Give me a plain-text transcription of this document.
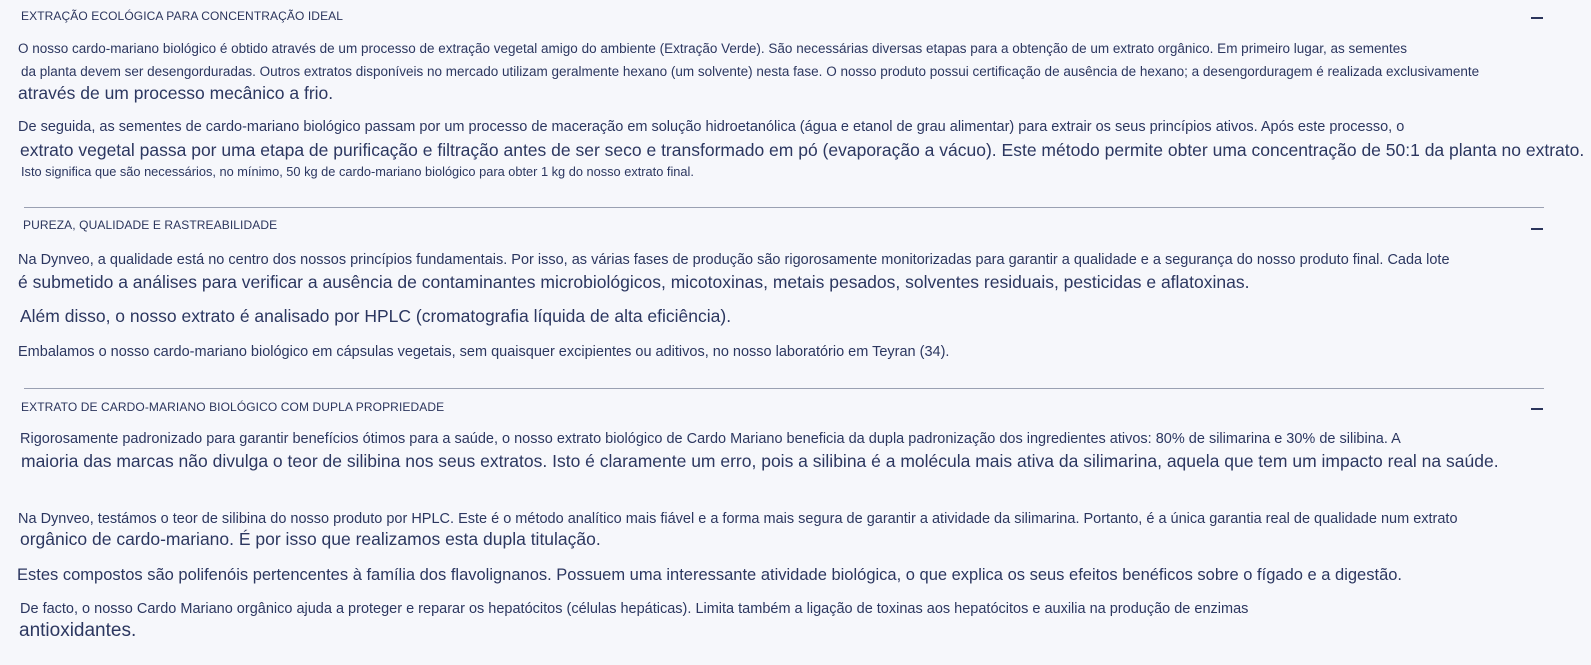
EXTRAÇÃO ECOLÓGICA PARA CONCENTRAÇÃO IDEAL
O nosso cardo-mariano biológico é obtido através de um processo de extração vegetal amigo do ambiente (Extração Verde). São necessárias diversas etapas para a obtenção de um extrato orgânico. Em primeiro lugar, as sementes
da planta devem ser desengorduradas. Outros extratos disponíveis no mercado utilizam geralmente hexano (um solvente) nesta fase. O nosso produto possui certificação de ausência de hexano; a desengorduragem é realizada exclusivamente
através de um processo mecânico a frio.
De seguida, as sementes de cardo-mariano biológico passam por um processo de maceração em solução hidroetanólica (água e etanol de grau alimentar) para extrair os seus princípios ativos. Após este processo, o
extrato vegetal passa por uma etapa de purificação e filtração antes de ser seco e transformado em pó (evaporação a vácuo). Este método permite obter uma concentração de 50:1 da planta no extrato.
Isto significa que são necessários, no mínimo, 50 kg de cardo-mariano biológico para obter 1 kg do nosso extrato final.
PUREZA, QUALIDADE E RASTREABILIDADE
Na Dynveo, a qualidade está no centro dos nossos princípios fundamentais. Por isso, as várias fases de produção são rigorosamente monitorizadas para garantir a qualidade e a segurança do nosso produto final. Cada lote
é submetido a análises para verificar a ausência de contaminantes microbiológicos, micotoxinas, metais pesados, solventes residuais, pesticidas e aflatoxinas.
Além disso, o nosso extrato é analisado por HPLC (cromatografia líquida de alta eficiência).
Embalamos o nosso cardo-mariano biológico em cápsulas vegetais, sem quaisquer excipientes ou aditivos, no nosso laboratório em Teyran (34).
EXTRATO DE CARDO-MARIANO BIOLÓGICO COM DUPLA PROPRIEDADE
Rigorosamente padronizado para garantir benefícios ótimos para a saúde, o nosso extrato biológico de Cardo Mariano beneficia da dupla padronização dos ingredientes ativos: 80% de silimarina e 30% de silibina. A
maioria das marcas não divulga o teor de silibina nos seus extratos. Isto é claramente um erro, pois a silibina é a molécula mais ativa da silimarina, aquela que tem um impacto real na saúde.
Na Dynveo, testámos o teor de silibina do nosso produto por HPLC. Este é o método analítico mais fiável e a forma mais segura de garantir a atividade da silimarina. Portanto, é a única garantia real de qualidade num extrato
orgânico de cardo-mariano. É por isso que realizamos esta dupla titulação.
Estes compostos são polifenóis pertencentes à família dos flavolignanos. Possuem uma interessante atividade biológica, o que explica os seus efeitos benéficos sobre o fígado e a digestão.
De facto, o nosso Cardo Mariano orgânico ajuda a proteger e reparar os hepatócitos (células hepáticas). Limita também a ligação de toxinas aos hepatócitos e auxilia na produção de enzimas
antioxidantes.
